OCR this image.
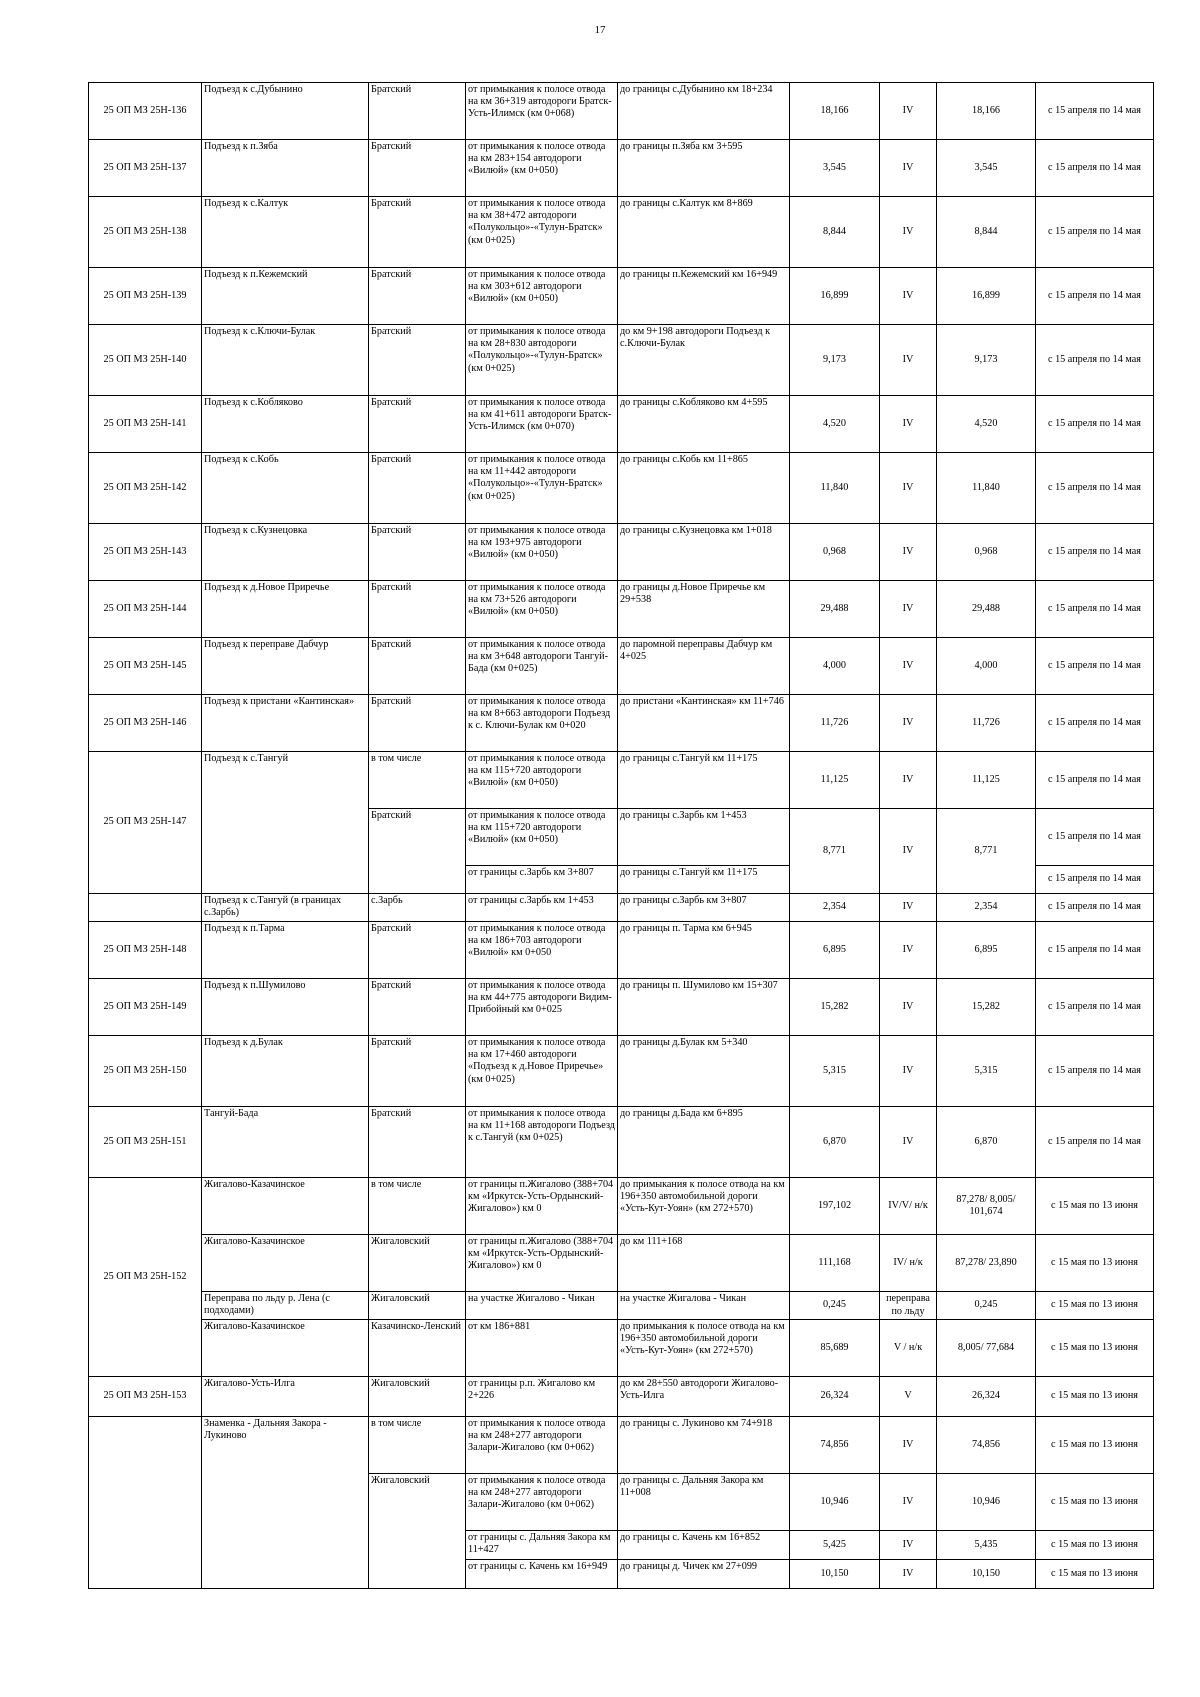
17
25 ОП МЗ 25Н-136	Подъезд к с.Дубынино	Братский	от примыкания к полосе отвода на км 36+319 автодороги Братск-Усть-Илимск (км 0+068)	до границы с.Дубынино км 18+234	18,166	IV	18,166	с 15 апреля по 14 мая
25 ОП МЗ 25Н-137	Подъезд к п.Зяба	Братский	от примыкания к полосе отвода на км 283+154 автодороги «Вилюй» (км 0+050)	до границы п.Зяба км 3+595	3,545	IV	3,545	с 15 апреля по 14 мая
25 ОП МЗ 25Н-138	Подъезд к с.Калтук	Братский	от примыкания к полосе отвода на км 38+472 автодороги «Полукольцо»-«Тулун-Братск» (км 0+025)	до границы с.Калтук км 8+869	8,844	IV	8,844	с 15 апреля по 14 мая
25 ОП МЗ 25Н-139	Подъезд к п.Кежемский	Братский	от примыкания к полосе отвода на км 303+612 автодороги «Вилюй» (км 0+050)	до границы п.Кежемский км 16+949	16,899	IV	16,899	с 15 апреля по 14 мая
25 ОП МЗ 25Н-140	Подъезд к с.Ключи-Булак	Братский	от примыкания к полосе отвода на км 28+830 автодороги «Полукольцо»-«Тулун-Братск» (км 0+025)	до км 9+198 автодороги Подъезд к с.Ключи-Булак	9,173	IV	9,173	с 15 апреля по 14 мая
25 ОП МЗ 25Н-141	Подъезд к с.Кобляково	Братский	от примыкания к полосе отвода на км 41+611 автодороги Братск-Усть-Илимск (км 0+070)	до границы с.Кобляково км 4+595	4,520	IV	4,520	с 15 апреля по 14 мая
25 ОП МЗ 25Н-142	Подъезд к с.Кобь	Братский	от примыкания к полосе отвода на км 11+442 автодороги «Полукольцо»-«Тулун-Братск» (км 0+025)	до границы с.Кобь км 11+865	11,840	IV	11,840	с 15 апреля по 14 мая
25 ОП МЗ 25Н-143	Подъезд к с.Кузнецовка	Братский	от примыкания к полосе отвода на км 193+975 автодороги «Вилюй» (км 0+050)	до границы с.Кузнецовка км 1+018	0,968	IV	0,968	с 15 апреля по 14 мая
25 ОП МЗ 25Н-144	Подъезд к д.Новое Приречье	Братский	от примыкания к полосе отвода на км 73+526 автодороги «Вилюй» (км 0+050)	до границы д.Новое Приречье км 29+538	29,488	IV	29,488	с 15 апреля по 14 мая
25 ОП МЗ 25Н-145	Подъезд к переправе Дабчур	Братский	от примыкания к полосе отвода на км 3+648 автодороги Тангуй-Бада (км 0+025)	до паромной переправы Дабчур км 4+025	4,000	IV	4,000	с 15 апреля по 14 мая
25 ОП МЗ 25Н-146	Подъезд к пристани «Кантинская»	Братский	от примыкания к полосе отвода на км 8+663 автодороги Подъезд к с. Ключи-Булак км 0+020	до пристани «Кантинская» км 11+746	11,726	IV	11,726	с 15 апреля по 14 мая
25 ОП МЗ 25Н-147	Подъезд к с.Тангуй	в том числе	от примыкания к полосе отвода на км 115+720 автодороги «Вилюй» (км 0+050)	до границы с.Тангуй км 11+175	11,125	IV	11,125	с 15 апреля по 14 мая
		Братский	от примыкания к полосе отвода на км 115+720 автодороги «Вилюй» (км 0+050)	до границы с.Зарбь км 1+453	8,771	IV	8,771	с 15 апреля по 14 мая
			от границы с.Зарбь км 3+807	до границы с.Тангуй км 11+175				с 15 апреля по 14 мая
	Подъезд к с.Тангуй (в границах с.Зарбь)	с.Зарбь	от границы с.Зарбь км 1+453	до границы с.Зарбь км 3+807	2,354	IV	2,354	с 15 апреля по 14 мая
25 ОП МЗ 25Н-148	Подъезд к п.Тарма	Братский	от примыкания к полосе отвода на км 186+703 автодороги «Вилюй» км 0+050	до границы п. Тарма км 6+945	6,895	IV	6,895	с 15 апреля по 14 мая
25 ОП МЗ 25Н-149	Подъезд к п.Шумилово	Братский	от примыкания к полосе отвода на км 44+775 автодороги Видим-Прибойный км 0+025	до границы п. Шумилово км 15+307	15,282	IV	15,282	с 15 апреля по 14 мая
25 ОП МЗ 25Н-150	Подъезд к д.Булак	Братский	от примыкания к полосе отвода на км 17+460 автодороги «Подъезд к д.Новое Приречье» (км 0+025)	до границы д.Булак км 5+340	5,315	IV	5,315	с 15 апреля по 14 мая
25 ОП МЗ 25Н-151	Тангуй-Бада	Братский	от примыкания к полосе отвода на км 11+168 автодороги Подъезд к с.Тангуй (км 0+025)	до границы д.Бада км 6+895	6,870	IV	6,870	с 15 апреля по 14 мая
25 ОП МЗ 25Н-152	Жигалово-Казачинское	в том числе	от границы п.Жигалово (388+704 км «Иркутск-Усть-Ордынский-Жигалово») км 0	до примыкания к полосе отвода на км 196+350 автомобильной дороги «Усть-Кут-Уоян» (км 272+570)	197,102	IV/V/ н/к	87,278/ 8,005/ 101,674	с 15 мая по 13 июня
	Жигалово-Казачинское	Жигаловский	от границы п.Жигалово (388+704 км «Иркутск-Усть-Ордынский-Жигалово») км 0	до км 111+168	111,168	IV/ н/к	87,278/ 23,890	с 15 мая по 13 июня
	Переправа по льду р. Лена (с подходами)	Жигаловский	на участке Жигалово - Чикан	на участке Жигалова - Чикан	0,245	переправа по льду	0,245	с 15 мая по 13 июня
	Жигалово-Казачинское	Казачинско-Ленский	от км 186+881	до примыкания к полосе отвода на км 196+350 автомобильной дороги «Усть-Кут-Уоян» (км 272+570)	85,689	V / н/к	8,005/ 77,684	с 15 мая по 13 июня
25 ОП МЗ 25Н-153	Жигалово-Усть-Илга	Жигаловский	от границы р.п. Жигалово км 2+226	до км 28+550 автодороги Жигалово-Усть-Илга	26,324	V	26,324	с 15 мая по 13 июня
	Знаменка - Дальняя Закора - Лукиново	в том числе	от примыкания к полосе отвода на км 248+277 автодороги Залари-Жигалово (км 0+062)	до границы с. Лукиново км 74+918	74,856	IV	74,856	с 15 мая по 13 июня
		Жигаловский	от примыкания к полосе отвода на км 248+277 автодороги Залари-Жигалово (км 0+062)	до границы с. Дальняя Закора км 11+008	10,946	IV	10,946	с 15 мая по 13 июня
			от границы с. Дальняя Закора км 11+427	до границы с. Качень км 16+852	5,425	IV	5,435	с 15 мая по 13 июня
			от границы с. Качень км 16+949	до границы д. Чичек км 27+099	10,150	IV	10,150	с 15 мая по 13 июня
